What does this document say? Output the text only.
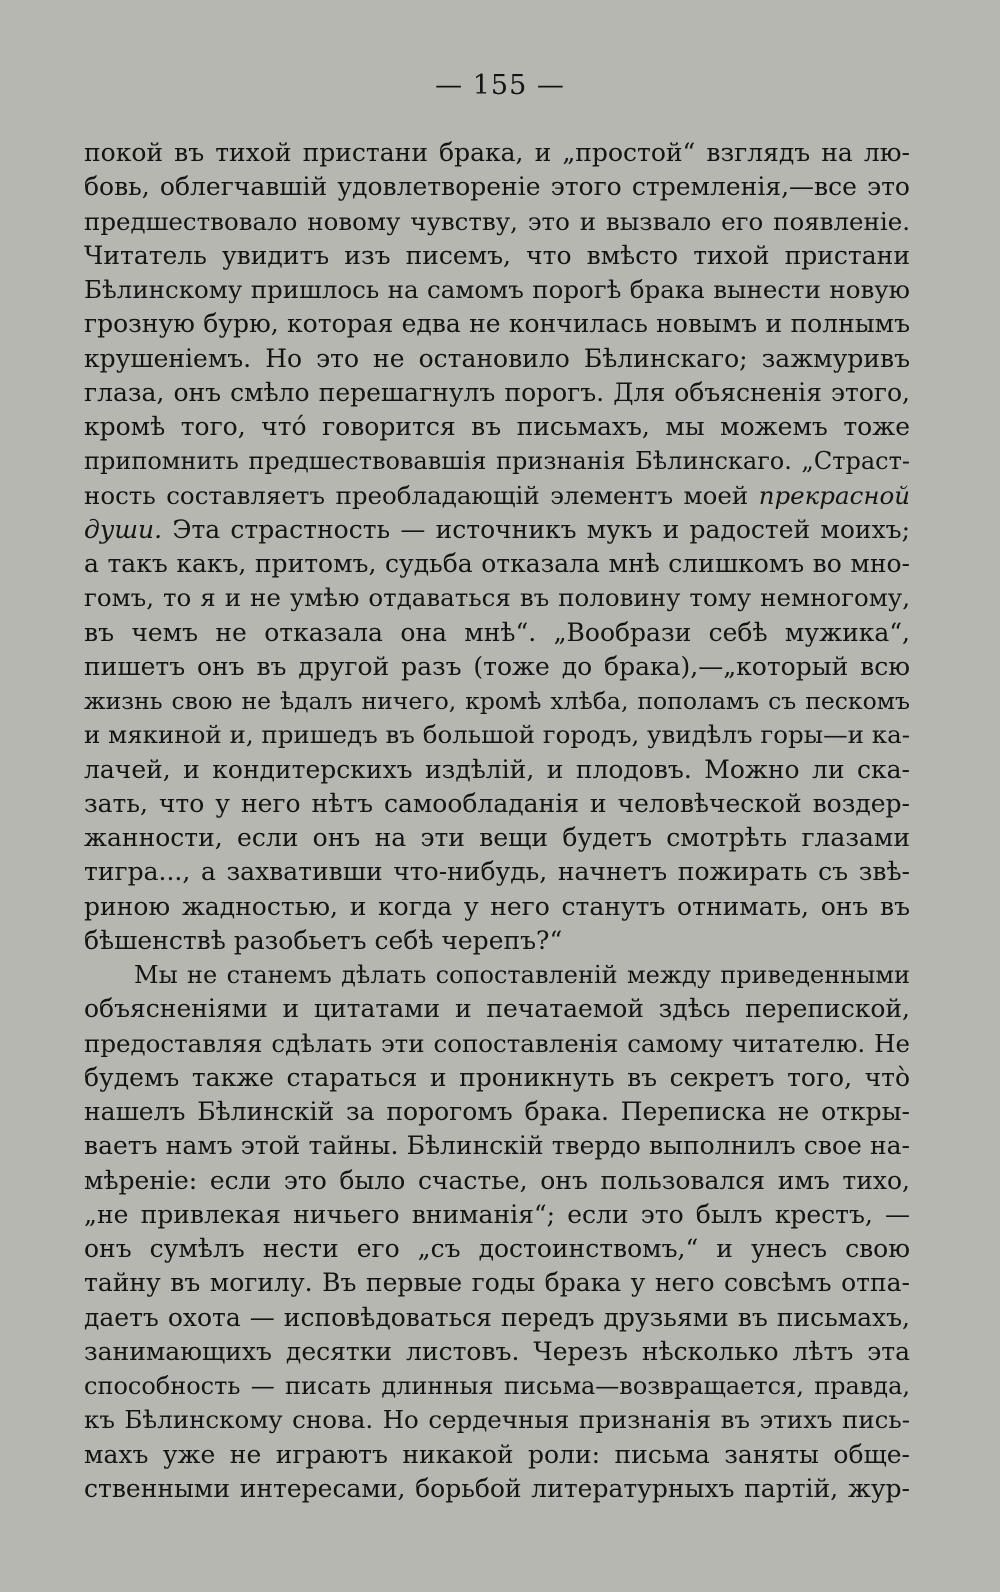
— 155 —
покой въ тихой пристани брака, и „простой“ взглядъ на лю-
бовь, облегчавшій удовлетвореніе этого стремленія,—все это
предшествовало новому чувству, это и вызвало его появленіе.
Читатель увидитъ изъ писемъ, что вмѣсто тихой пристани
Бѣлинскому пришлось на самомъ порогѣ брака вынести новую
грозную бурю, которая едва не кончилась новымъ и полнымъ
крушеніемъ. Но это не остановило Бѣлинскаго; зажмуривъ
глаза, онъ смѣло перешагнулъ порогъ. Для объясненія этого,
кромѣ того, что́ говорится въ письмахъ, мы можемъ тоже
припомнить предшествовавшія признанія Бѣлинскаго. „Страст-
ность составляетъ преобладающій элементъ моей прекрасной
души. Эта страстность — источникъ мукъ и радостей моихъ;
а такъ какъ, притомъ, судьба отказала мнѣ слишкомъ во мно-
гомъ, то я и не умѣю отдаваться въ половину тому немногому,
въ чемъ не отказала она мнѣ“. „Вообрази себѣ мужика“,
пишетъ онъ въ другой разъ (тоже до брака),—„который всю
жизнь свою не ѣдалъ ничего, кромѣ хлѣба, пополамъ съ пескомъ
и мякиной и, пришедъ въ большой городъ, увидѣлъ горы—и ка-
лачей, и кондитерскихъ издѣлій, и плодовъ. Можно ли ска-
зать, что у него нѣтъ самообладанія и человѣческой воздер-
жанности, если онъ на эти вещи будетъ смотрѣть глазами
тигра..., а захвативши что-нибудь, начнетъ пожирать съ звѣ-
риною жадностью, и когда у него станутъ отнимать, онъ въ
бѣшенствѣ разобьетъ себѣ черепъ?“
Мы не станемъ дѣлать сопоставленій между приведенными
объясненіями и цитатами и печатаемой здѣсь перепиской,
предоставляя сдѣлать эти сопоставленія самому читателю. Не
будемъ также стараться и проникнуть въ секретъ того, что̀
нашелъ Бѣлинскій за порогомъ брака. Переписка не откры-
ваетъ намъ этой тайны. Бѣлинскій твердо выполнилъ свое на-
мѣреніе: если это было счастье, онъ пользовался имъ тихо,
„не привлекая ничьего вниманія“; если это былъ крестъ, —
онъ сумѣлъ нести его „съ достоинствомъ,“ и унесъ свою
тайну въ могилу. Въ первые годы брака у него совсѣмъ отпа-
даетъ охота — исповѣдоваться передъ друзьями въ письмахъ,
занимающихъ десятки листовъ. Черезъ нѣсколько лѣтъ эта
способность — писать длинныя письма—возвращается, правда,
къ Бѣлинскому снова. Но сердечныя признанія въ этихъ пись-
махъ уже не играютъ никакой роли: письма заняты обще-
ственными интересами, борьбой литературныхъ партій, жур-
